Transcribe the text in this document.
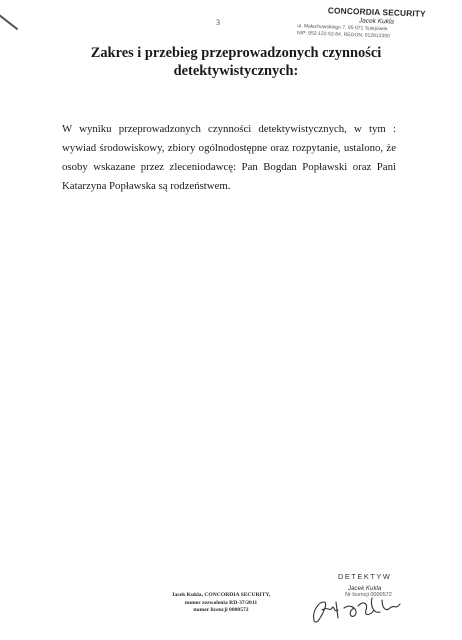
3
CONCORDIA SECURITY
Jacek Kukla
ul. Małachowskiego 7, 05-071 Sulejówek
NIP: 952-122-52-84, REGON: 012813390
Zakres i przebieg przeprowadzonych czynności
detektywistycznych:

W wyniku przeprowadzonych czynności detektywistycznych, w tym : wywiad środowiskowy, zbiory ogólnodostępne oraz rozpytanie, ustalono, że osoby wskazane przez zleceniodawcę: Pan Bogdan Popławski oraz Pani Katarzyna Popławska są rodzeństwem.

Jacek Kukla, CONCORDIA SECURITY,
numer zezwolenia RD-37/2011
numer licencji 0000572
DETEKTYW
Jacek Kukla
Nr licencji 0000572
